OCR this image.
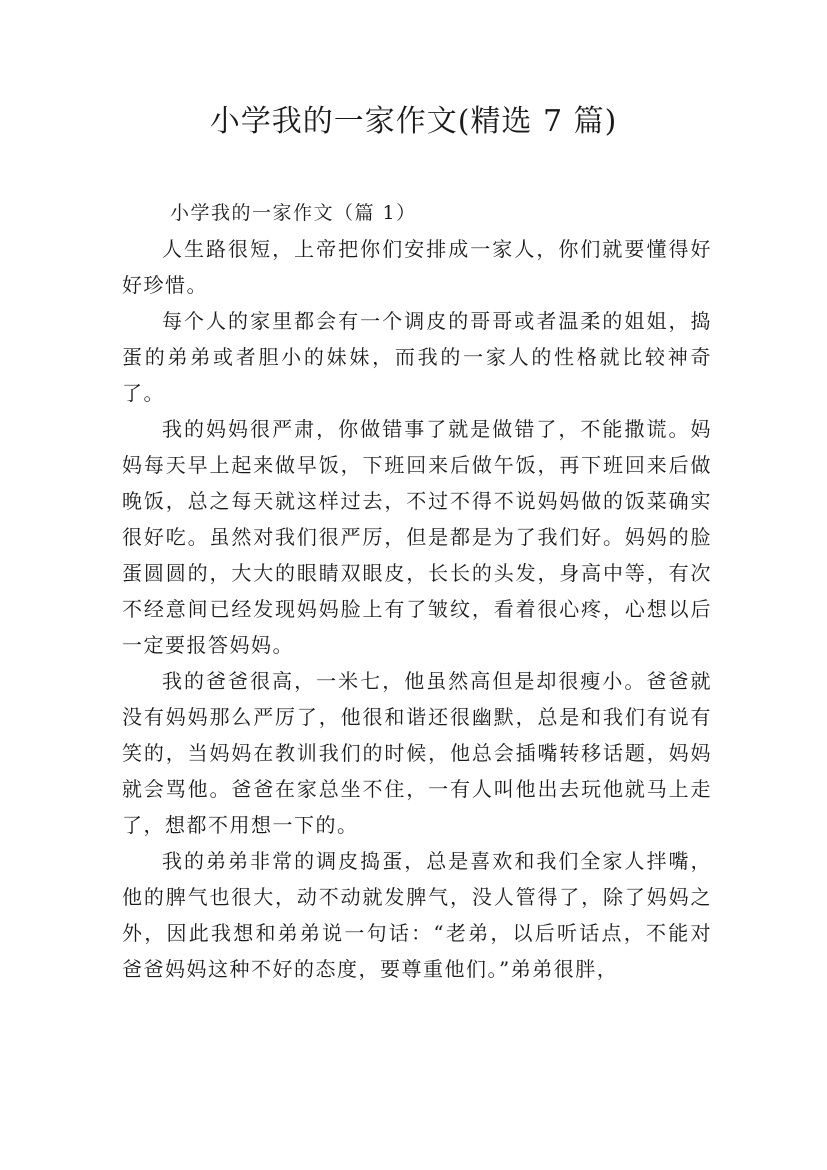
小学我的一家作文(精选 7 篇)
小学我的一家作文（篇 1）

人生路很短，上帝把你们安排成一家人，你们就要懂得好好珍惜。

每个人的家里都会有一个调皮的哥哥或者温柔的姐姐，捣蛋的弟弟或者胆小的妹妹，而我的一家人的性格就比较神奇了。

我的妈妈很严肃，你做错事了就是做错了，不能撒谎。妈妈每天早上起来做早饭，下班回来后做午饭，再下班回来后做晚饭，总之每天就这样过去，不过不得不说妈妈做的饭菜确实很好吃。虽然对我们很严厉，但是都是为了我们好。妈妈的脸蛋圆圆的，大大的眼睛双眼皮，长长的头发，身高中等，有次不经意间已经发现妈妈脸上有了皱纹，看着很心疼，心想以后一定要报答妈妈。

我的爸爸很高，一米七，他虽然高但是却很瘦小。爸爸就没有妈妈那么严厉了，他很和谐还很幽默，总是和我们有说有笑的，当妈妈在教训我们的时候，他总会插嘴转移话题，妈妈就会骂他。爸爸在家总坐不住，一有人叫他出去玩他就马上走了，想都不用想一下的。

我的弟弟非常的调皮捣蛋，总是喜欢和我们全家人拌嘴，他的脾气也很大，动不动就发脾气，没人管得了，除了妈妈之外，因此我想和弟弟说一句话：“老弟，以后听话点，不能对爸爸妈妈这种不好的态度，要尊重他们。”弟弟很胖，
